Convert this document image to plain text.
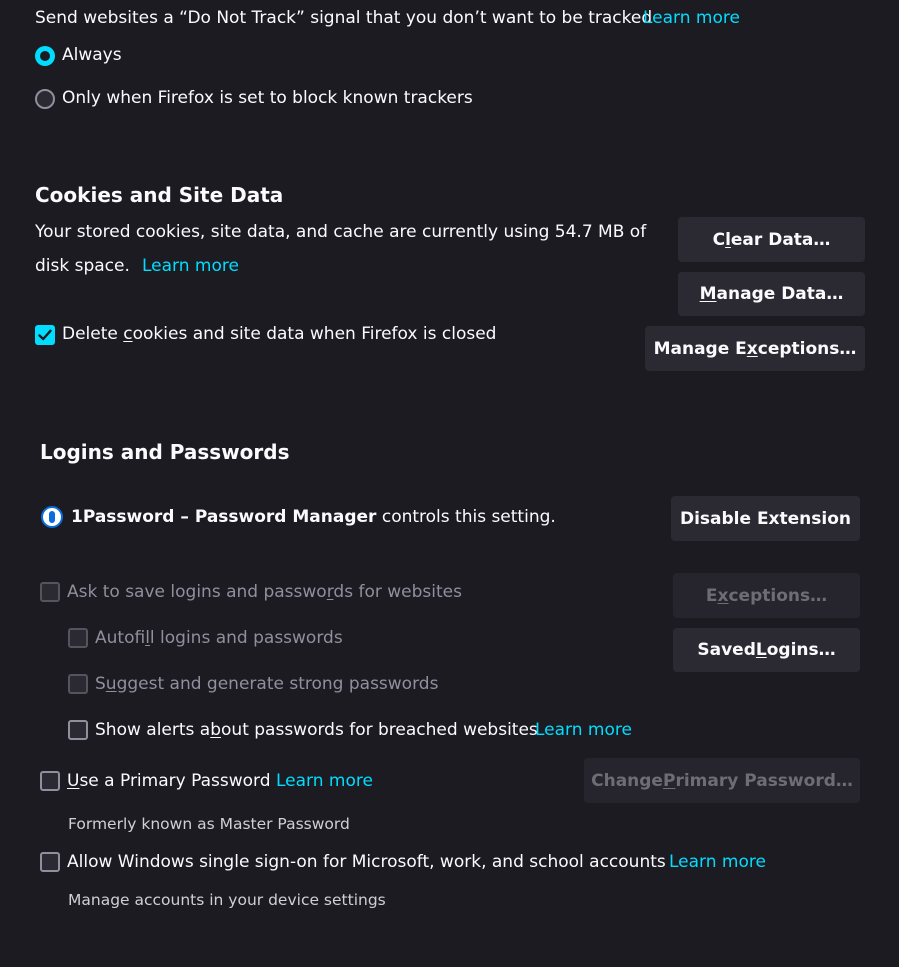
Send websites a “Do Not Track” signal that you don’t want to be tracked
Learn more
Always
Only when Firefox is set to block known trackers
Cookies and Site Data
Your stored cookies, site data, and cache are currently using 54.7 MB of
disk space. Learn more
Delete cookies and site data when Firefox is closed
C l ear Data…
M anage Data…
Manage E x ceptions…
Logins and Passwords
1Password – Password Manager controls this setting.	Disable Extension
Ask to save logins and passwords for websites
Autofill logins and passwords
Suggest and generate strong passwords
Show alerts about passwords for breached websites
Learn more
E x ceptions…
Saved L ogins…
Use a Primary Password Learn more
Formerly known as Master Password
Change P rimary Password…
Allow Windows single sign-on for Microsoft, work, and school accounts Learn more
Manage accounts in your device settings
